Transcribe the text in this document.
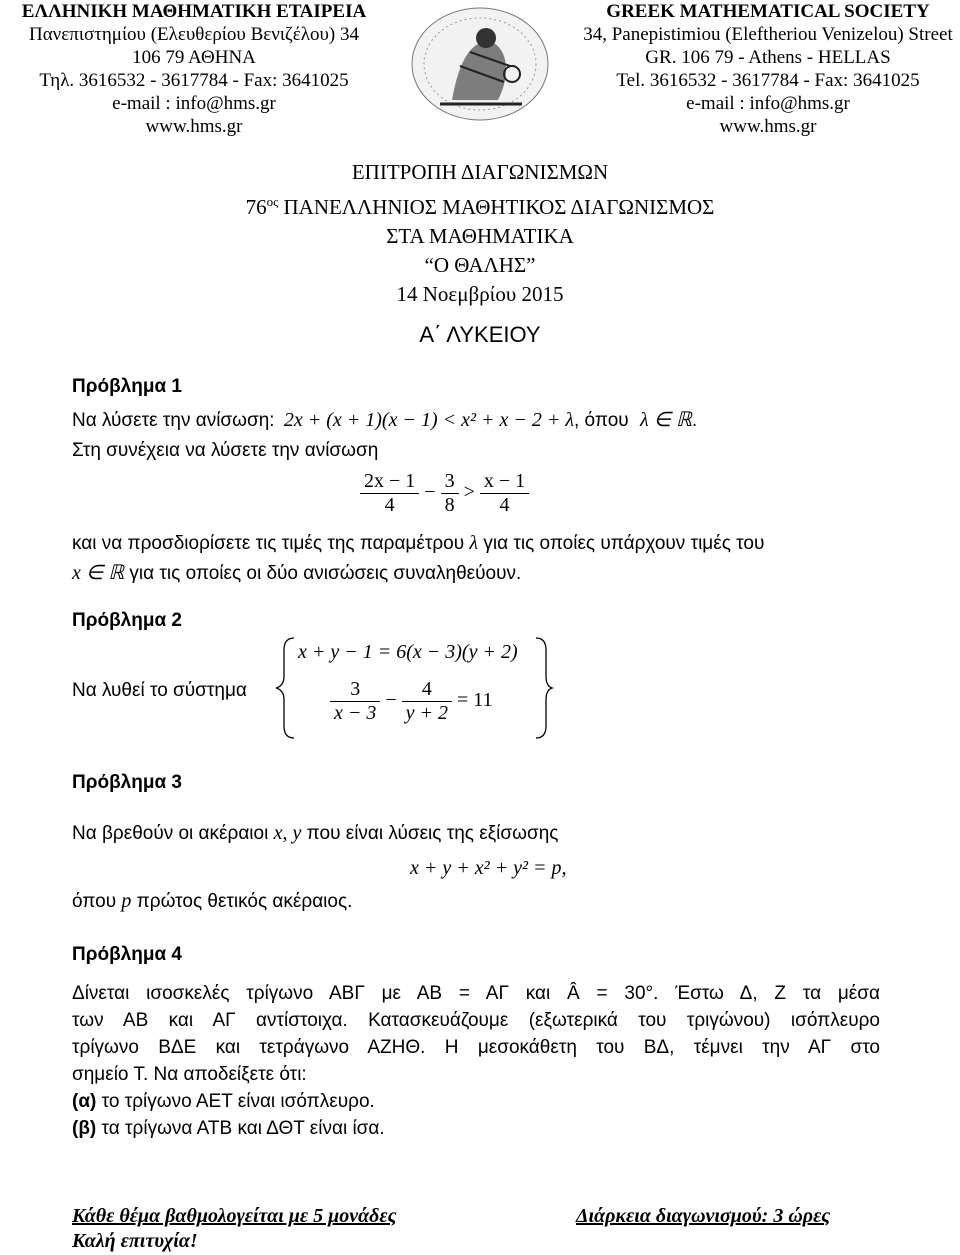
ΕΛΛΗΝΙΚΗ ΜΑΘΗΜΑΤΙΚΗ ΕΤΑΙΡΕΙΑ
Πανεπιστημίου (Ελευθερίου Βενιζέλου) 34
106 79 ΑΘΗΝΑ
Τηλ. 3616532 - 3617784 - Fax: 3641025
e-mail : info@hms.gr
www.hms.gr
GREEK MATHEMATICAL SOCIETY
34, Panepistimiou (Εleftheriou Venizelou) Street
GR. 106 79 - Athens - HELLAS
Tel. 3616532 - 3617784 - Fax: 3641025
e-mail : info@hms.gr
www.hms.gr
ΕΠΙΤΡΟΠΗ ΔΙΑΓΩΝΙΣΜΩΝ
$76^{o\varsigma}$ ΠΑΝΕΛΛΗΝΙΟΣ ΜΑΘΗΤΙΚΟΣ ΔΙΑΓΩΝΙΣΜΟΣ
ΣΤΑ ΜΑΘΗΜΑΤΙΚΑ
“Ο ΘΑΛΗΣ”
14 Νοεμβρίου 2015
Α΄ ΛΥΚΕΙΟΥ
Πρόβλημα 1
Να λύσετε την ανίσωση: 2x + (x + 1)(x − 1) < x² + x − 2 + λ, όπου λ ∈ ℝ.
Στη συνέχεια να λύσετε την ανίσωση
$\frac{2x - 1}{4} - \frac{3}{8} > \frac{x - 1}{4}$
και να προσδιορίσετε τις τιμές της παραμέτρου λ για τις οποίες υπάρχουν τιμές του
x ∈ ℝ για τις οποίες οι δύο ανισώσεις συναληθεύουν.
Πρόβλημα 2
Να λυθεί το σύστημα
x + y − 1 = 6(x − 3)(y + 2)
$\frac{3}{x - 3} - \frac{4}{y + 2} = 11$
Πρόβλημα 3
Να βρεθούν οι ακέραιοι x, y που είναι λύσεις της εξίσωσης
x + y + x² + y² = p,
όπου p πρώτος θετικός ακέραιος.
Πρόβλημα 4
Δίνεται ισοσκελές τρίγωνο ΑΒΓ με ΑΒ = ΑΓ και Â = 30°. Έστω Δ, Ζ τα μέσα
των ΑΒ και ΑΓ αντίστοιχα. Κατασκευάζουμε (εξωτερικά του τριγώνου) ισόπλευρο
τρίγωνο ΒΔΕ και τετράγωνο ΑΖΗΘ. Η μεσοκάθετη του ΒΔ, τέμνει την ΑΓ στο
σημείο Τ. Να αποδείξετε ότι:
(α) το τρίγωνο ΑΕΤ είναι ισόπλευρο.
(β) τα τρίγωνα ΑΤΒ και ΔΘΤ είναι ίσα.
Κάθε θέμα βαθμολογείται με 5 μονάδες	Διάρκεια διαγωνισμού: 3 ώρες
Καλή επιτυχία!
